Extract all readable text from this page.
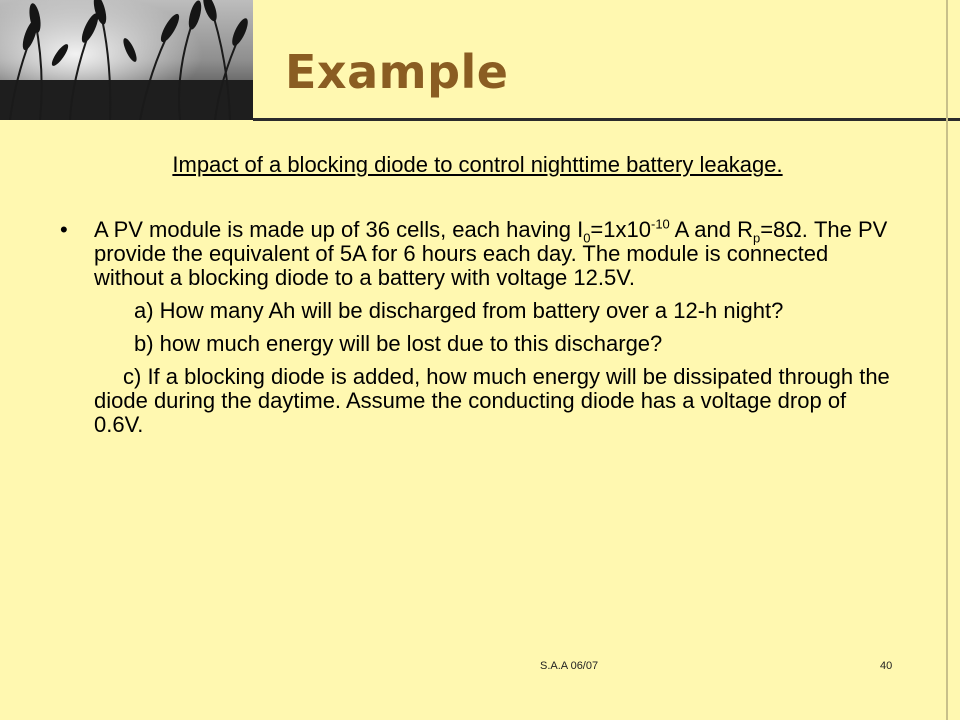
Example
Impact of a blocking diode to control nighttime battery leakage.
• A PV module is made up of 36 cells, each having $I_0=1x10^{-10}$ A and $R_p=8\Omega$. The PV provide the equivalent of 5A for 6 hours each day. The module is connected without a blocking diode to a battery with voltage 12.5V.
a) How many Ah will be discharged from battery over a 12-h night?
b) how much energy will be lost due to this discharge?
c) If a blocking diode is added, how much energy will be dissipated through the diode during the daytime. Assume the conducting diode has a voltage drop of 0.6V.
S.A.A 06/07	40
